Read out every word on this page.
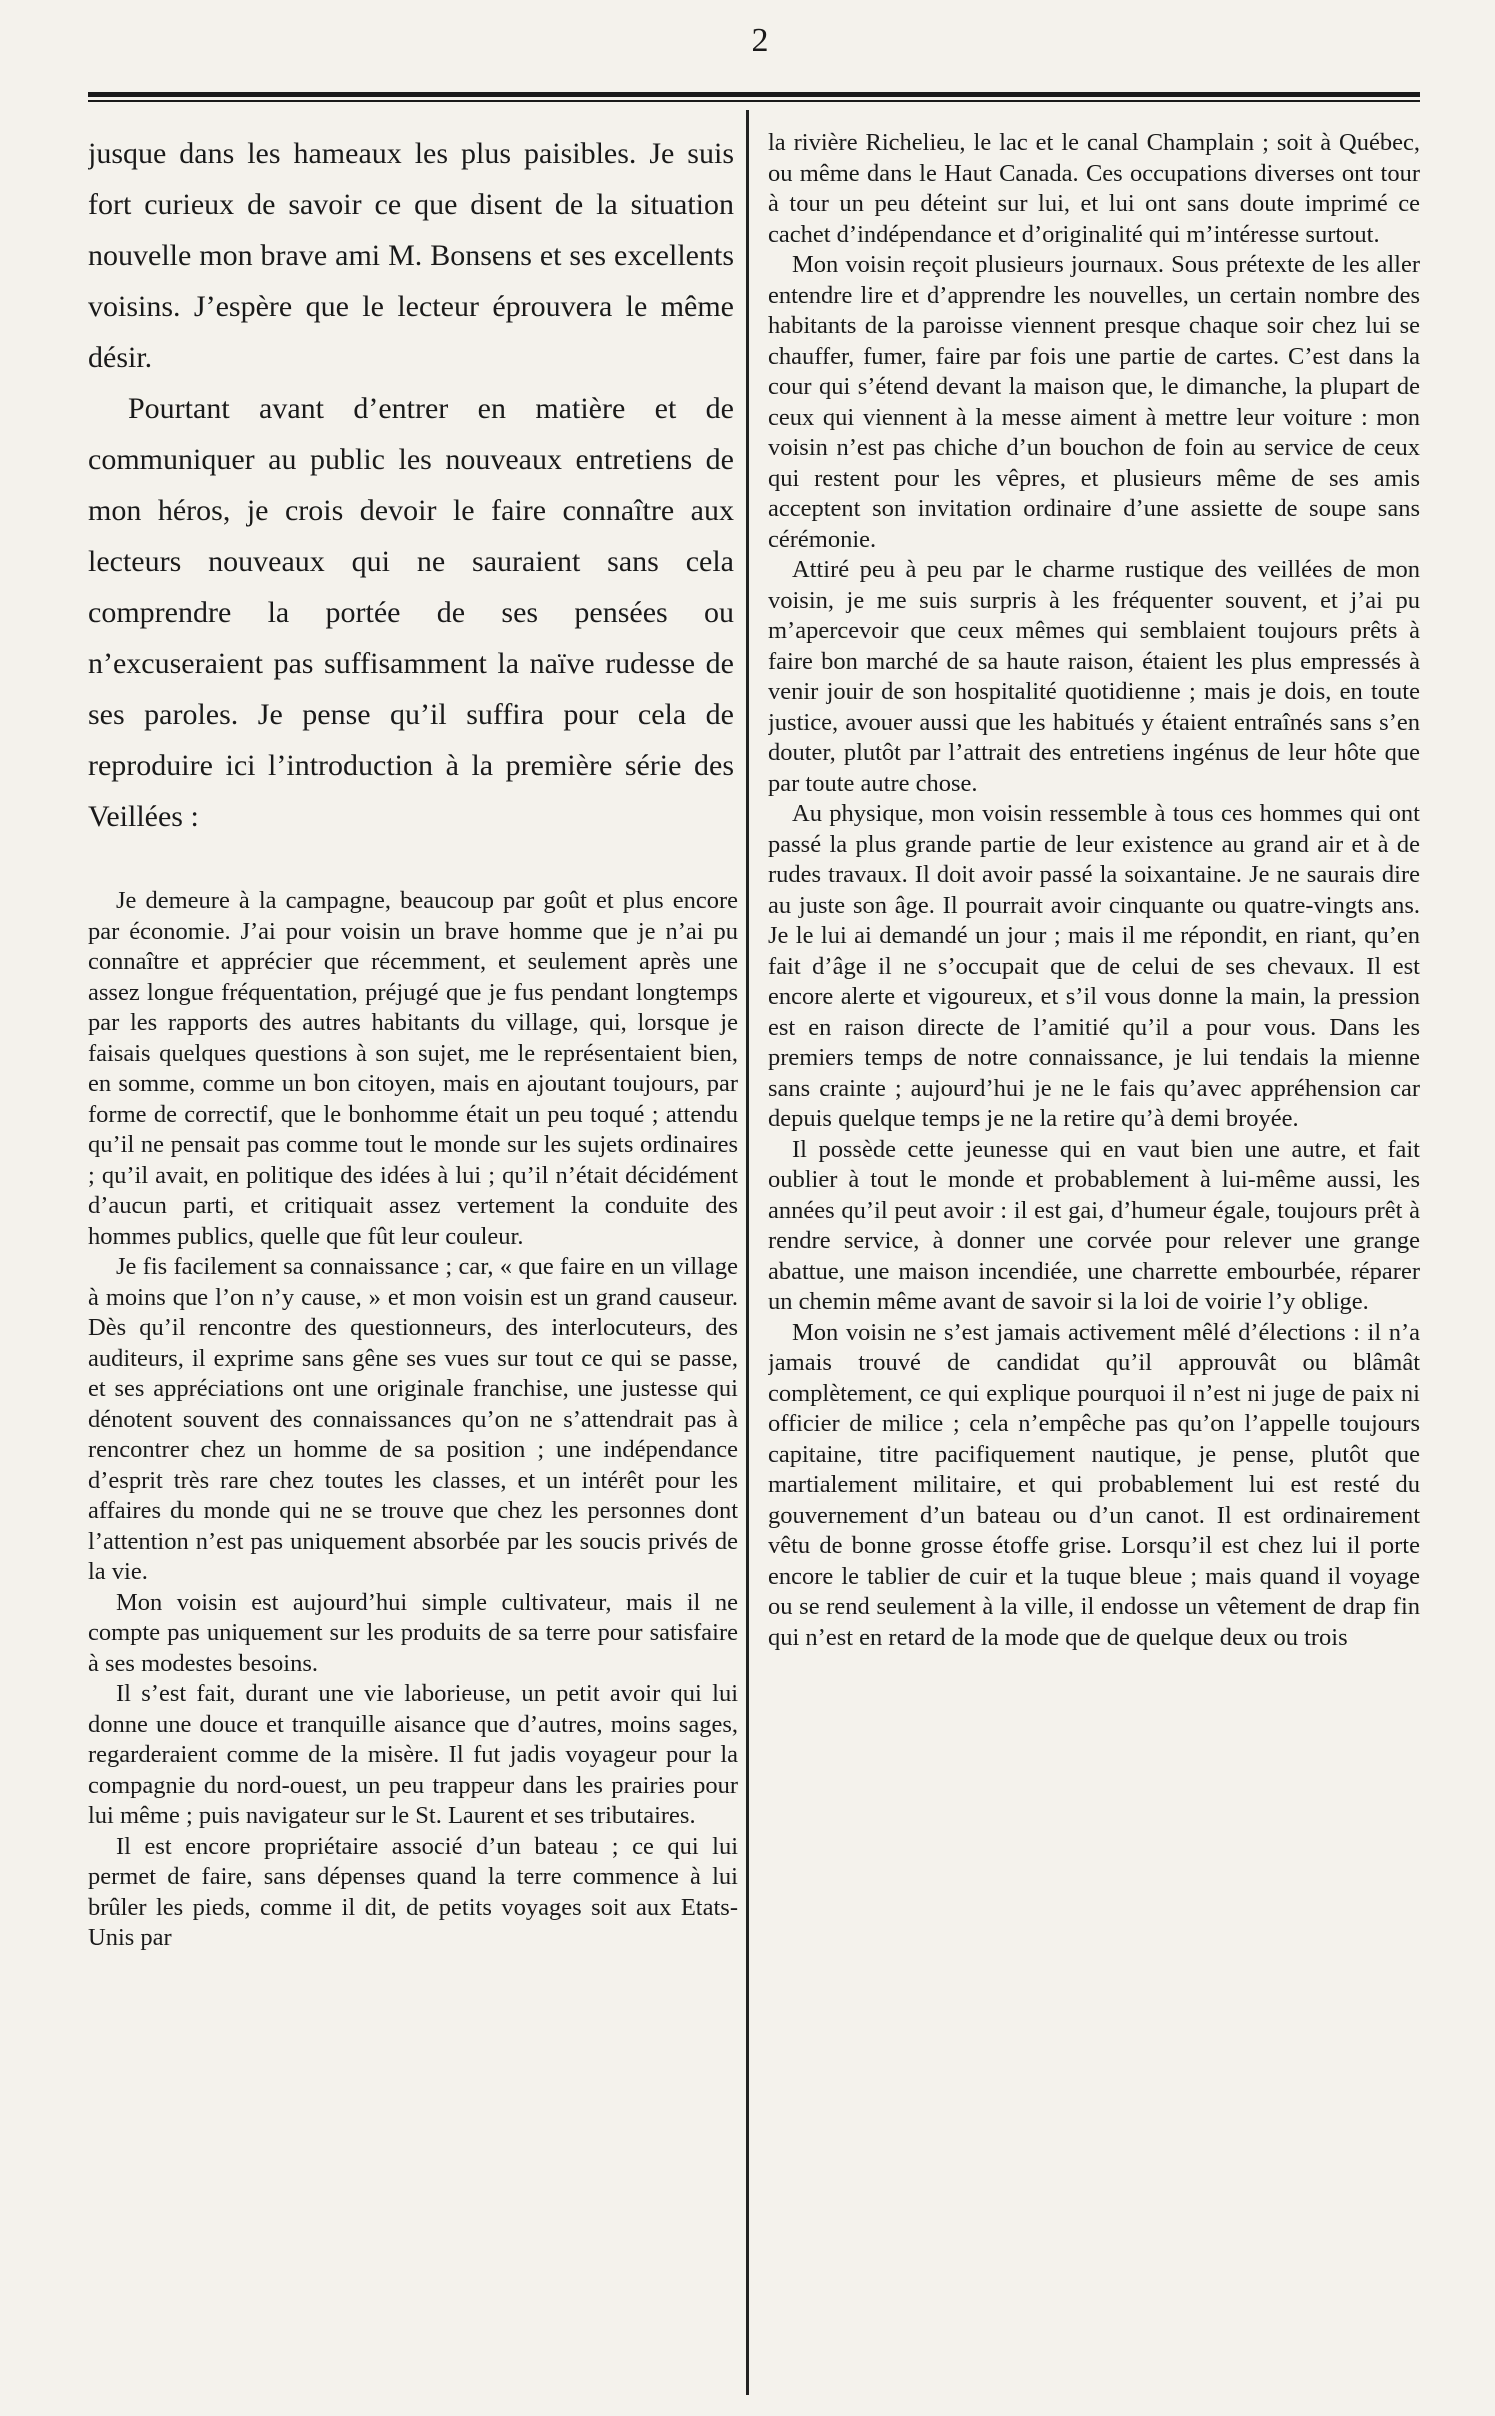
2

jusque dans les hameaux les plus paisibles. Je suis fort curieux de savoir ce que disent de la situation nouvelle mon brave ami M. Bonsens et ses excellents voisins. J’espère que le lecteur éprouvera le même désir.

Pourtant avant d’entrer en matière et de communiquer au public les nouveaux entretiens de mon héros, je crois devoir le faire connaître aux lecteurs nouveaux qui ne sauraient sans cela comprendre la portée de ses pensées ou n’excuseraient pas suffisamment la naïve rudesse de ses paroles. Je pense qu’il suffira pour cela de reproduire ici l’introduction à la première série des Veillées :

Je demeure à la campagne, beaucoup par goût et plus encore par économie. J’ai pour voisin un brave homme que je n’ai pu connaître et apprécier que récemment, et seulement après une assez longue fréquentation, préjugé que je fus pendant longtemps par les rapports des autres habitants du village, qui, lorsque je faisais quelques questions à son sujet, me le représentaient bien, en somme, comme un bon citoyen, mais en ajoutant toujours, par forme de correctif, que le bonhomme était un peu toqué ; attendu qu’il ne pensait pas comme tout le monde sur les sujets ordinaires ; qu’il avait, en politique des idées à lui ; qu’il n’était décidément d’aucun parti, et critiquait assez vertement la conduite des hommes publics, quelle que fût leur couleur.

Je fis facilement sa connaissance ; car, « que faire en un village à moins que l’on n’y cause, » et mon voisin est un grand causeur. Dès qu’il rencontre des questionneurs, des interlocuteurs, des auditeurs, il exprime sans gêne ses vues sur tout ce qui se passe, et ses appréciations ont une originale franchise, une justesse qui dénotent souvent des connaissances qu’on ne s’attendrait pas à rencontrer chez un homme de sa position ; une indépendance d’esprit très rare chez toutes les classes, et un intérêt pour les affaires du monde qui ne se trouve que chez les personnes dont l’attention n’est pas uniquement absorbée par les soucis privés de la vie.

Mon voisin est aujourd’hui simple cultivateur, mais il ne compte pas uniquement sur les produits de sa terre pour satisfaire à ses modestes besoins.

Il s’est fait, durant une vie laborieuse, un petit avoir qui lui donne une douce et tranquille aisance que d’autres, moins sages, regarderaient comme de la misère. Il fut jadis voyageur pour la compagnie du nord-ouest, un peu trappeur dans les prairies pour lui même ; puis navigateur sur le St. Laurent et ses tributaires.

Il est encore propriétaire associé d’un bateau ; ce qui lui permet de faire, sans dépenses quand la terre commence à lui brûler les pieds, comme il dit, de petits voyages soit aux Etats-Unis par

la rivière Richelieu, le lac et le canal Champlain ; soit à Québec, ou même dans le Haut Canada. Ces occupations diverses ont tour à tour un peu déteint sur lui, et lui ont sans doute imprimé ce cachet d’indépendance et d’originalité qui m’intéresse surtout.

Mon voisin reçoit plusieurs journaux. Sous prétexte de les aller entendre lire et d’apprendre les nouvelles, un certain nombre des habitants de la paroisse viennent presque chaque soir chez lui se chauffer, fumer, faire par fois une partie de cartes. C’est dans la cour qui s’étend devant la maison que, le dimanche, la plupart de ceux qui viennent à la messe aiment à mettre leur voiture : mon voisin n’est pas chiche d’un bouchon de foin au service de ceux qui restent pour les vêpres, et plusieurs même de ses amis acceptent son invitation ordinaire d’une assiette de soupe sans cérémonie.

Attiré peu à peu par le charme rustique des veillées de mon voisin, je me suis surpris à les fréquenter souvent, et j’ai pu m’apercevoir que ceux mêmes qui semblaient toujours prêts à faire bon marché de sa haute raison, étaient les plus empressés à venir jouir de son hospitalité quotidienne ; mais je dois, en toute justice, avouer aussi que les habitués y étaient entraînés sans s’en douter, plutôt par l’attrait des entretiens ingénus de leur hôte que par toute autre chose.

Au physique, mon voisin ressemble à tous ces hommes qui ont passé la plus grande partie de leur existence au grand air et à de rudes travaux. Il doit avoir passé la soixantaine. Je ne saurais dire au juste son âge. Il pourrait avoir cinquante ou quatre-vingts ans. Je le lui ai demandé un jour ; mais il me répondit, en riant, qu’en fait d’âge il ne s’occupait que de celui de ses chevaux. Il est encore alerte et vigoureux, et s’il vous donne la main, la pression est en raison directe de l’amitié qu’il a pour vous. Dans les premiers temps de notre connaissance, je lui tendais la mienne sans crainte ; aujourd’hui je ne le fais qu’avec appréhension car depuis quelque temps je ne la retire qu’à demi broyée.

Il possède cette jeunesse qui en vaut bien une autre, et fait oublier à tout le monde et probablement à lui-même aussi, les années qu’il peut avoir : il est gai, d’humeur égale, toujours prêt à rendre service, à donner une corvée pour relever une grange abattue, une maison incendiée, une charrette embourbée, réparer un chemin même avant de savoir si la loi de voirie l’y oblige.

Mon voisin ne s’est jamais activement mêlé d’élections : il n’a jamais trouvé de candidat qu’il approuvât ou blâmât complètement, ce qui explique pourquoi il n’est ni juge de paix ni officier de milice ; cela n’empêche pas qu’on l’appelle toujours capitaine, titre pacifiquement nautique, je pense, plutôt que martialement militaire, et qui probablement lui est resté du gouvernement d’un bateau ou d’un canot. Il est ordinairement vêtu de bonne grosse étoffe grise. Lorsqu’il est chez lui il porte encore le tablier de cuir et la tuque bleue ; mais quand il voyage ou se rend seulement à la ville, il endosse un vêtement de drap fin qui n’est en retard de la mode que de quelque deux ou trois
